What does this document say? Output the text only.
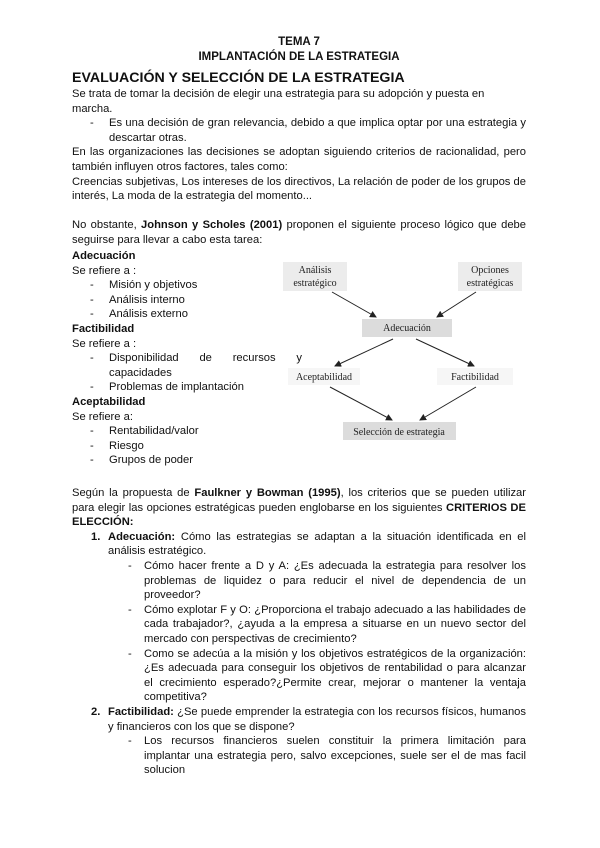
TEMA 7
IMPLANTACIÓN DE LA ESTRATEGIA
EVALUACIÓN Y SELECCIÓN DE LA ESTRATEGIA
Se trata de tomar la decisión de elegir una estrategia para su adopción y puesta en marcha.
- Es una decisión de gran relevancia, debido a que implica optar por una estrategia y descartar otras.
En las organizaciones las decisiones se adoptan siguiendo criterios de racionalidad, pero también influyen otros factores, tales como:
Creencias subjetivas, Los intereses de los directivos, La relación de poder de los grupos de interés, La moda de la estrategia del momento...
No obstante, Johnson y Scholes (2001) proponen el siguiente proceso lógico que debe seguirse para llevar a cabo esta tarea:
Adecuación
Se refiere a :
- Misión y objetivos
- Análisis interno
- Análisis externo
Factibilidad
Se refiere a :
- Disponibilidad de recursos y capacidades
- Problemas de implantación
Aceptabilidad
Se refiere a:
- Rentabilidad/valor
- Riesgo
- Grupos de poder
Análisis
estratégico
Opciones
estratégicas
Adecuación
Aceptabilidad	Factibilidad
Selección de estrategia
Según la propuesta de Faulkner y Bowman (1995), los criterios que se pueden utilizar para elegir las opciones estratégicas pueden englobarse en los siguientes CRITERIOS DE ELECCIÓN:
1. Adecuación: Cómo las estrategias se adaptan a la situación identificada en el análisis estratégico.
- Cómo hacer frente a D y A: ¿Es adecuada la estrategia para resolver los problemas de liquidez o para reducir el nivel de dependencia de un proveedor?
- Cómo explotar F y O: ¿Proporciona el trabajo adecuado a las habilidades de cada trabajador?, ¿ayuda a la empresa a situarse en un nuevo sector del mercado con perspectivas de crecimiento?
- Como se adecúa a la misión y los objetivos estratégicos de la organización: ¿Es adecuada para conseguir los objetivos de rentabilidad o para alcanzar el crecimiento esperado?¿Permite crear, mejorar o mantener la ventaja competitiva?
2. Factibilidad: ¿Se puede emprender la estrategia con los recursos físicos, humanos y financieros con los que se dispone?
- Los recursos financieros suelen constituir la primera limitación para implantar una estrategia pero, salvo excepciones, suele ser el de mas facil solucion
